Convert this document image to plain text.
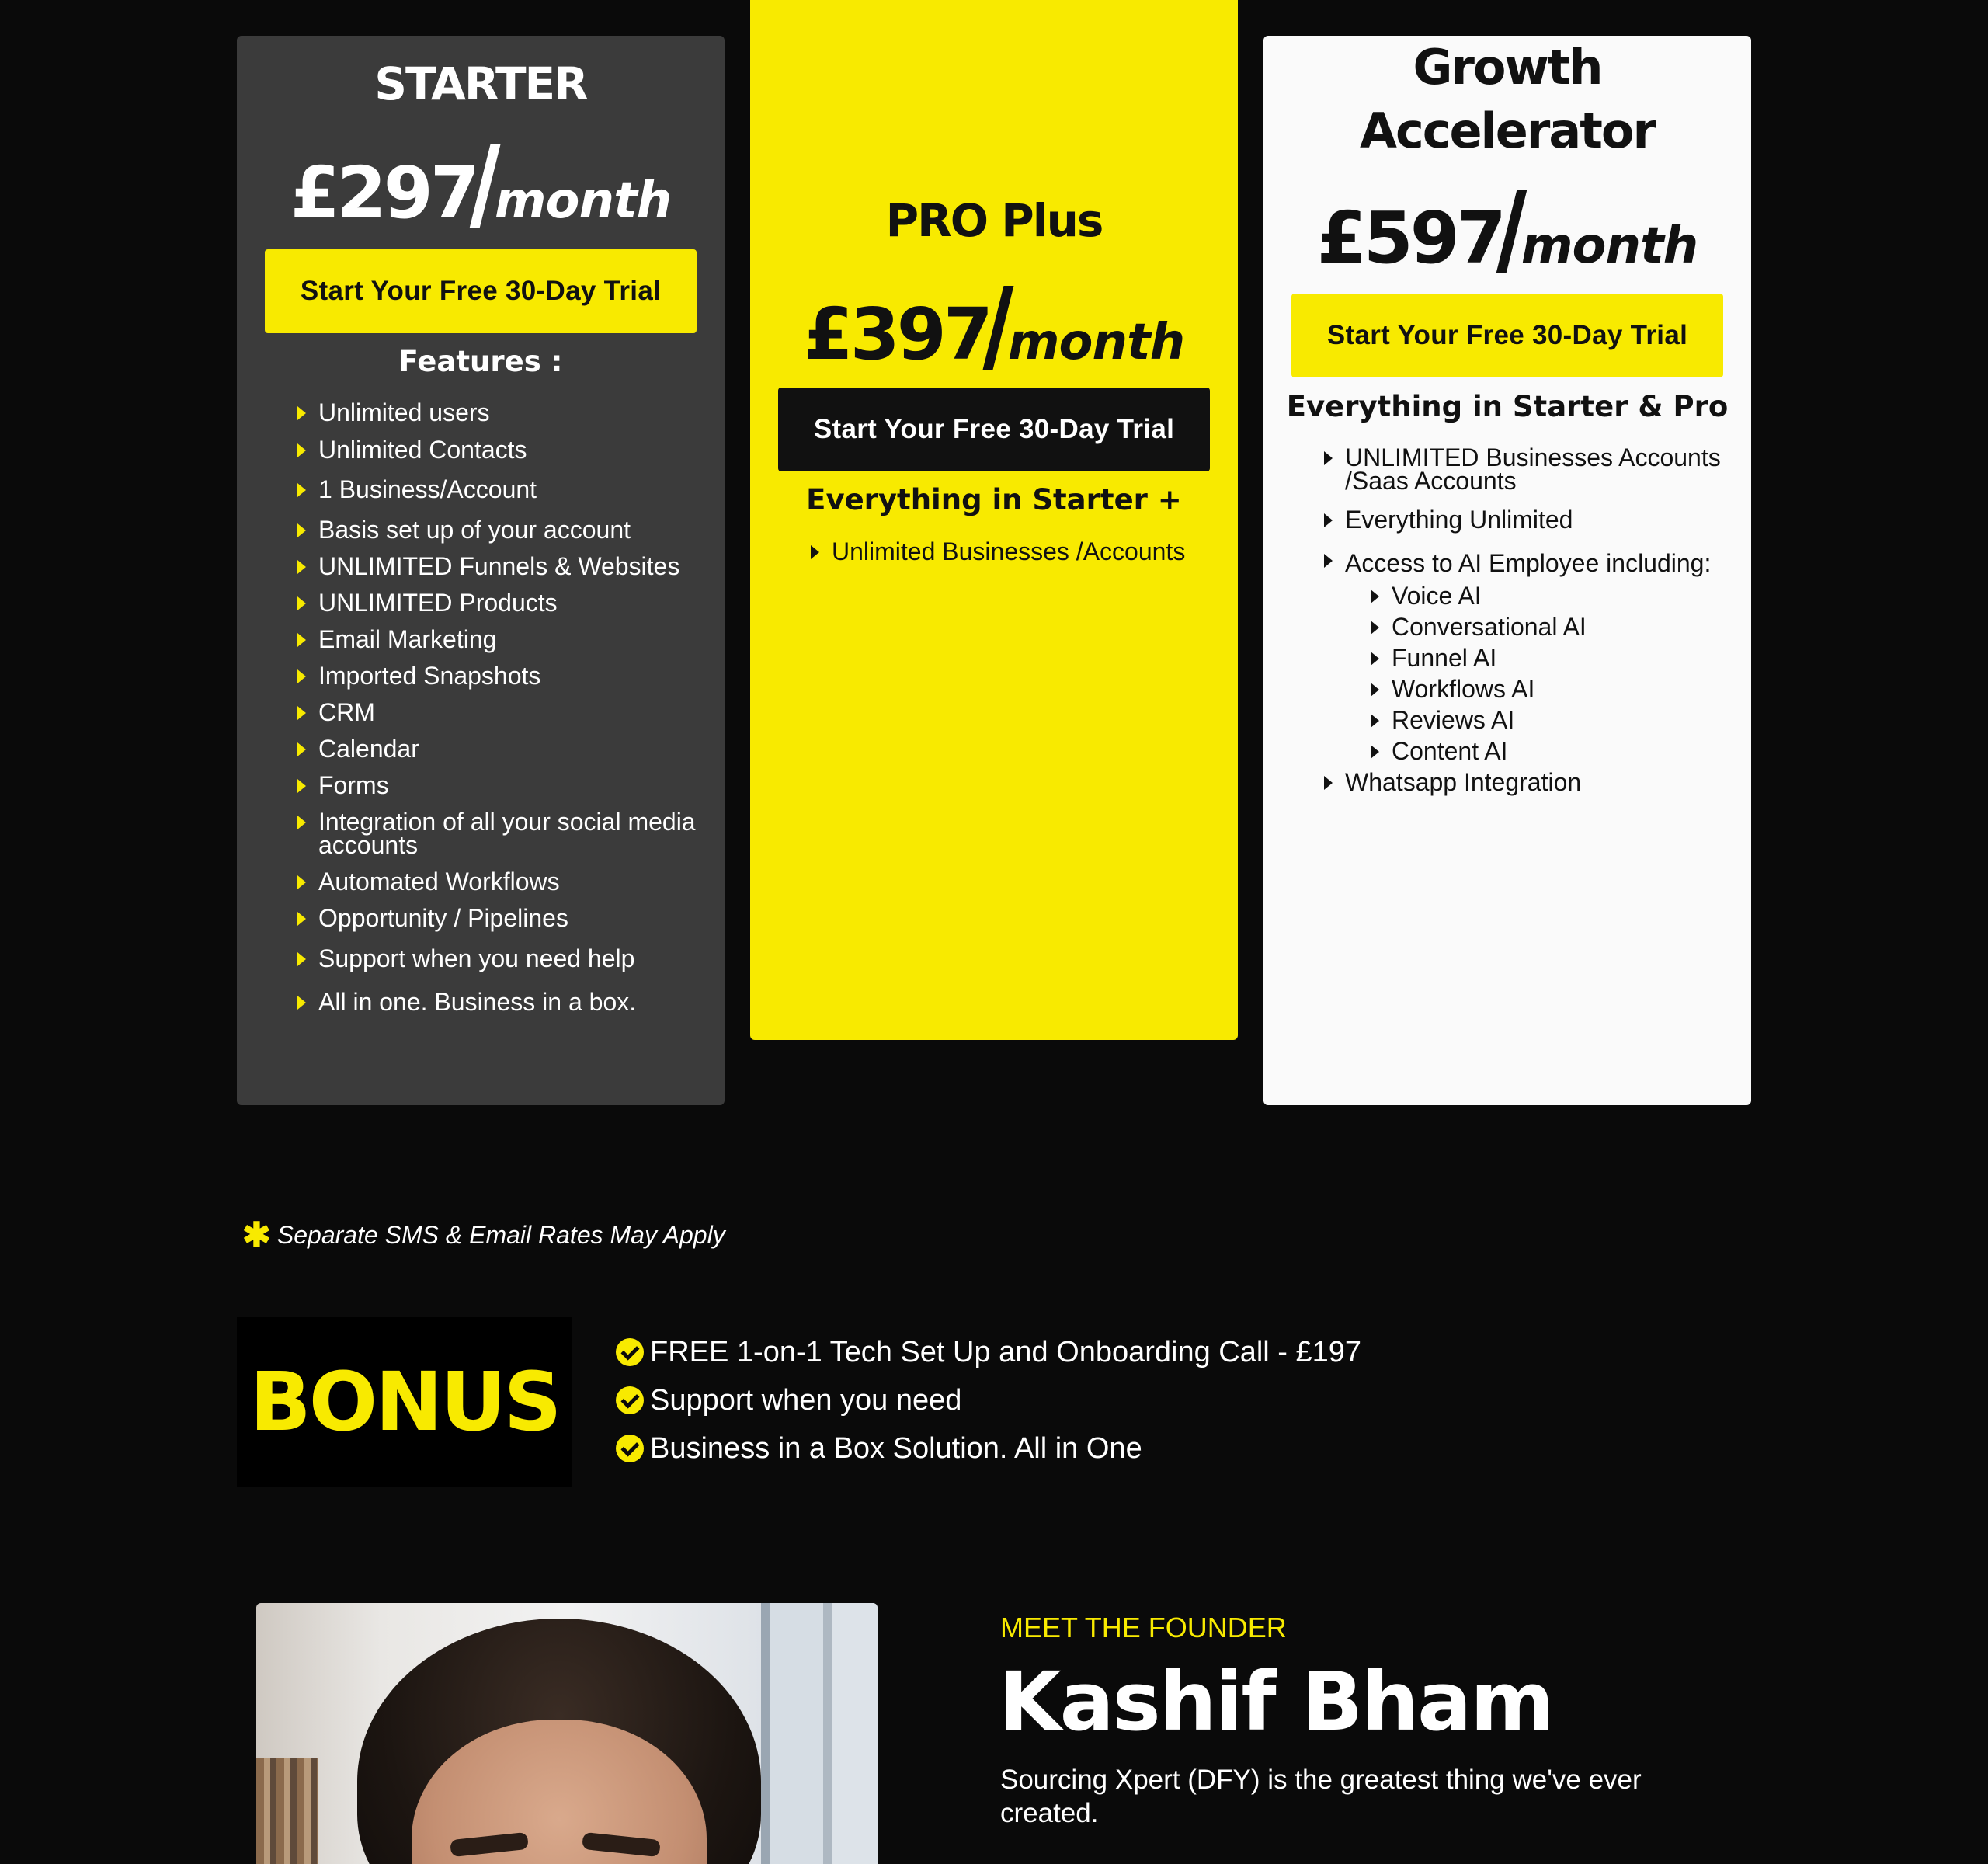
STARTER
£297 month
Start Your Free 30-Day Trial
Features :
Unlimited users
Unlimited Contacts
1 Business/Account
Basis set up of your account
UNLIMITED Funnels & Websites
UNLIMITED Products
Email Marketing
Imported Snapshots
CRM
Calendar
Forms
Integration of all your social media accounts
Automated Workflows
Opportunity / Pipelines
Support when you need help
All in one. Business in a box.
PRO Plus
£397 month
Start Your Free 30-Day Trial
Everything in Starter +
Unlimited Businesses /Accounts
Growth
Accelerator
£597 month
Start Your Free 30-Day Trial
Everything in Starter & Pro
UNLIMITED Businesses Accounts /Saas Accounts
Everything Unlimited
Access to AI Employee including:
Voice AI
Conversational AI
Funnel AI
Workflows AI
Reviews AI
Content AI
Whatsapp Integration
✱ Separate SMS & Email Rates May Apply
BONUS
FREE 1-on-1 Tech Set Up and Onboarding Call - £197
Support when you need
Business in a Box Solution. All in One
MEET THE FOUNDER
Kashif Bham
Sourcing Xpert (DFY) is the greatest thing we've ever created.
